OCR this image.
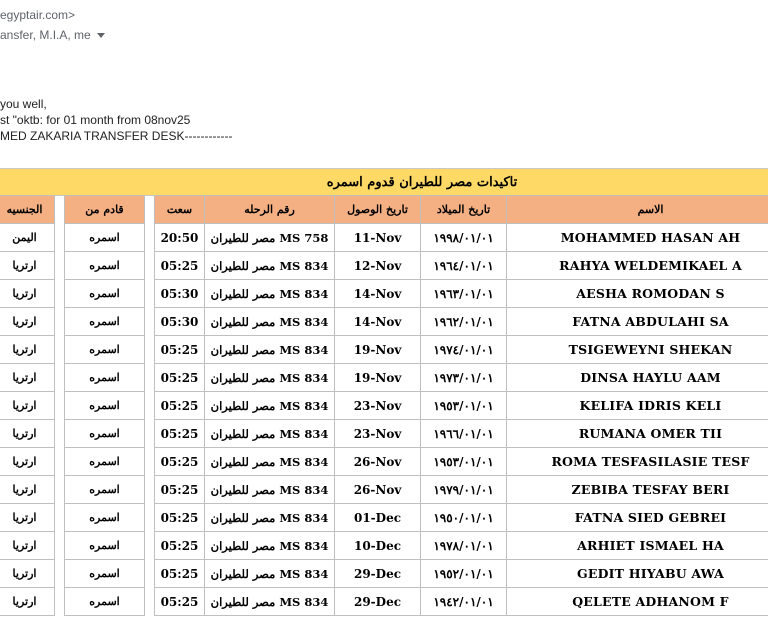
egyptair.com>
ansfer, M.I.A, me
you well,
st "oktb: for 01 month from 08nov25
MED ZAKARIA TRANSFER DESK------------
تاكيدات مصر للطيران قدوم اسمره
الجنسيه		قادم من		سعت	رقم الرحله	تاريخ الوصول	تاريخ الميلاد	الاسم
اليمن		اسمره		20:50	MS 758 مصر للطيران	11-Nov	١٩٩٨/٠١/٠١	MOHAMMED HASAN AH
ارتريا		اسمره		05:25	MS 834 مصر للطيران	12-Nov	١٩٦٤/٠١/٠١	RAHYA WELDEMIKAEL A
ارتريا		اسمره		05:30	MS 834 مصر للطيران	14-Nov	١٩٦٣/٠١/٠١	AESHA ROMODAN S
ارتريا		اسمره		05:30	MS 834 مصر للطيران	14-Nov	١٩٦٢/٠١/٠١	FATNA ABDULAHI SA
ارتريا		اسمره		05:25	MS 834 مصر للطيران	19-Nov	١٩٧٤/٠١/٠١	TSIGEWEYNI SHEKAN
ارتريا		اسمره		05:25	MS 834 مصر للطيران	19-Nov	١٩٧٣/٠١/٠١	DINSA HAYLU AAM
ارتريا		اسمره		05:25	MS 834 مصر للطيران	23-Nov	١٩٥٣/٠١/٠١	KELIFA IDRIS KELI
ارتريا		اسمره		05:25	MS 834 مصر للطيران	23-Nov	١٩٦٦/٠١/٠١	RUMANA OMER TII
ارتريا		اسمره		05:25	MS 834 مصر للطيران	26-Nov	١٩٥٣/٠١/٠١	ROMA TESFASILASIE TESF
ارتريا		اسمره		05:25	MS 834 مصر للطيران	26-Nov	١٩٧٩/٠١/٠١	ZEBIBA TESFAY BERI
ارتريا		اسمره		05:25	MS 834 مصر للطيران	01-Dec	١٩٥٠/٠١/٠١	FATNA SIED GEBREI
ارتريا		اسمره		05:25	MS 834 مصر للطيران	10-Dec	١٩٧٨/٠١/٠١	ARHIET ISMAEL HA
ارتريا		اسمره		05:25	MS 834 مصر للطيران	29-Dec	١٩٥٢/٠١/٠١	GEDIT HIYABU AWA
ارتريا		اسمره		05:25	MS 834 مصر للطيران	29-Dec	١٩٤٢/٠١/٠١	QELETE ADHANOM F
